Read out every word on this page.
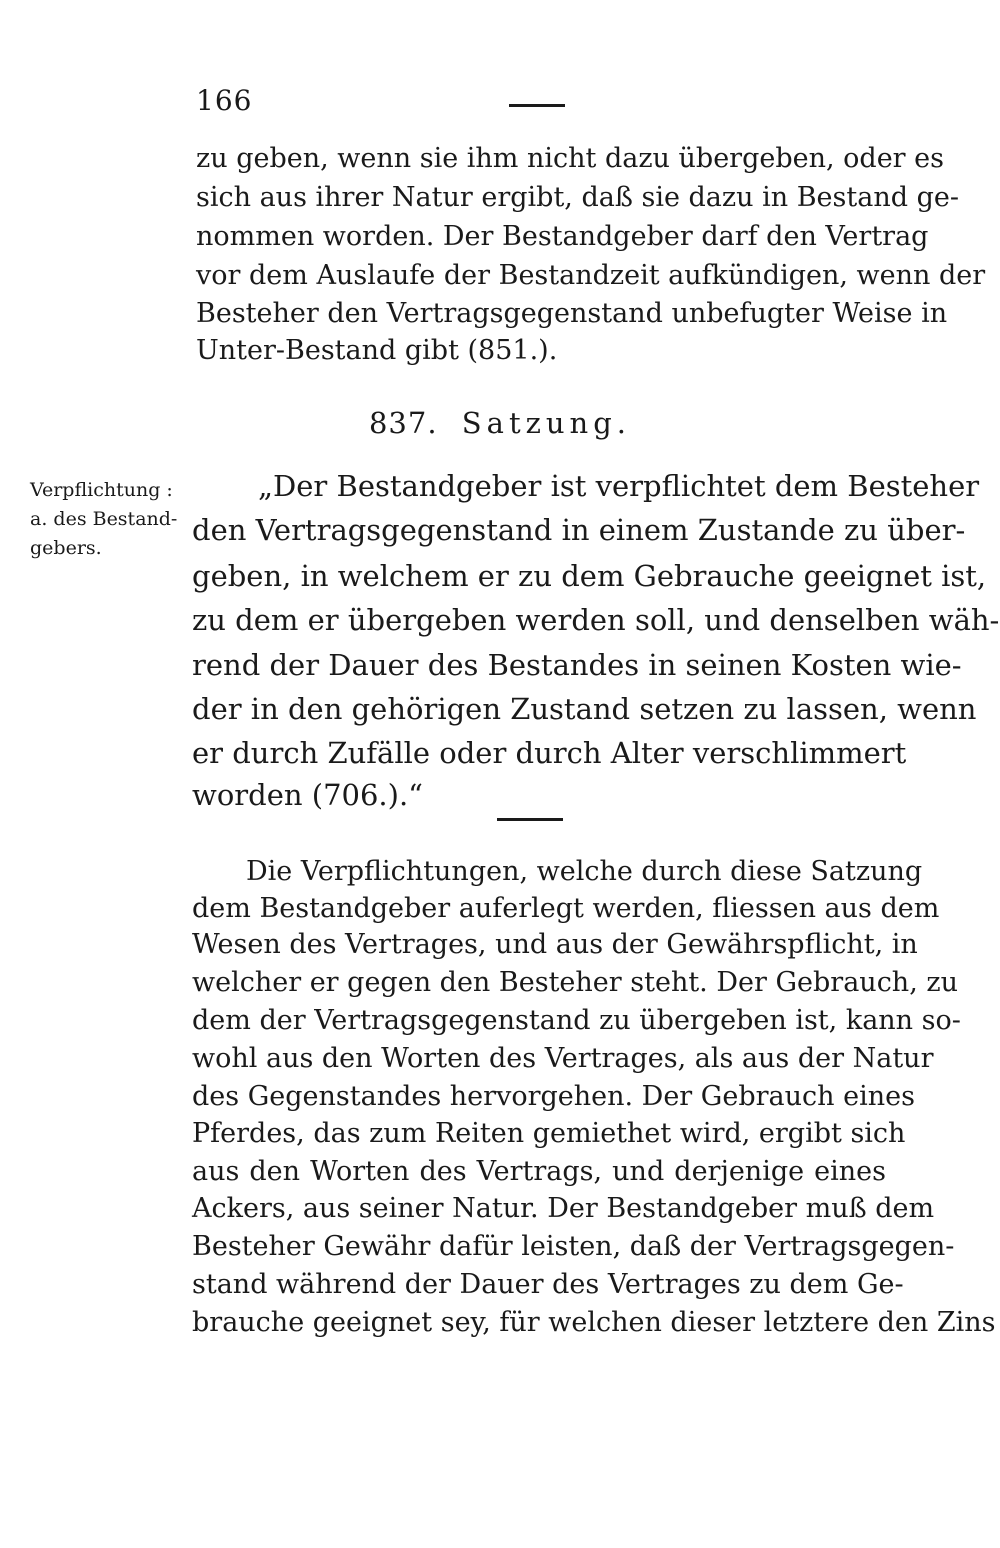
166
zu geben, wenn sie ihm nicht dazu übergeben, oder es
sich aus ihrer Natur ergibt, daß sie dazu in Bestand ge-
nommen worden. Der Bestandgeber darf den Vertrag
vor dem Auslaufe der Bestandzeit aufkündigen, wenn der
Besteher den Vertragsgegenstand unbefugter Weise in
Unter-Bestand gibt (851.).
837. Satzung.
Verpflichtung :
a. des Bestand-
gebers.
„Der Bestandgeber ist verpflichtet dem Besteher
den Vertragsgegenstand in einem Zustande zu über-
geben, in welchem er zu dem Gebrauche geeignet ist,
zu dem er übergeben werden soll, und denselben wäh-
rend der Dauer des Bestandes in seinen Kosten wie-
der in den gehörigen Zustand setzen zu lassen, wenn
er durch Zufälle oder durch Alter verschlimmert
worden (706.).“
Die Verpflichtungen, welche durch diese Satzung
dem Bestandgeber auferlegt werden, fliessen aus dem
Wesen des Vertrages, und aus der Gewährspflicht, in
welcher er gegen den Besteher steht. Der Gebrauch, zu
dem der Vertragsgegenstand zu übergeben ist, kann so-
wohl aus den Worten des Vertrages, als aus der Natur
des Gegenstandes hervorgehen. Der Gebrauch eines
Pferdes, das zum Reiten gemiethet wird, ergibt sich
aus den Worten des Vertrags, und derjenige eines
Ackers, aus seiner Natur. Der Bestandgeber muß dem
Besteher Gewähr dafür leisten, daß der Vertragsgegen-
stand während der Dauer des Vertrages zu dem Ge-
brauche geeignet sey, für welchen dieser letztere den Zins
